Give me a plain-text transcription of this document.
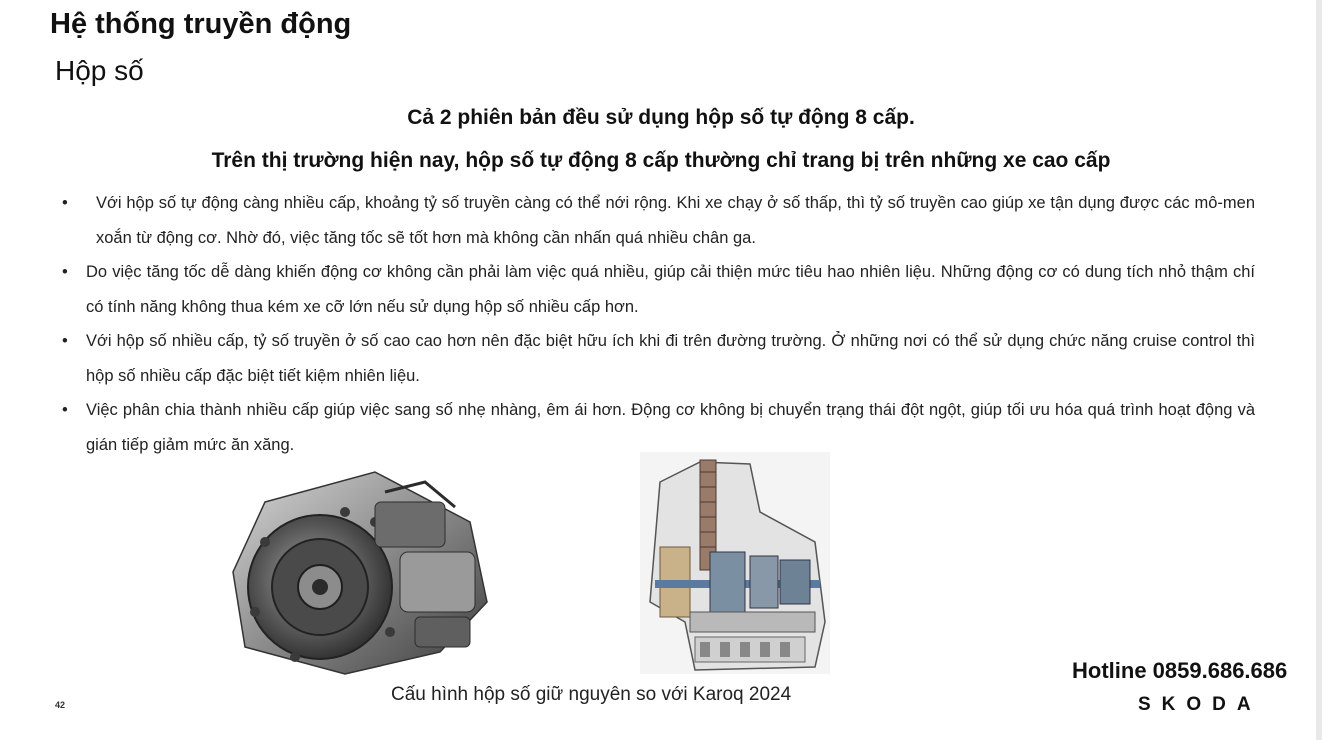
Hệ thống truyền động
Hộp số
Cả 2 phiên bản đều sử dụng hộp số tự động 8 cấp.
Trên thị trường hiện nay, hộp số tự động 8 cấp thường chỉ trang bị trên những xe cao cấp
• Với hộp số tự động càng nhiều cấp, khoảng tỷ số truyền càng có thể nới rộng. Khi xe chạy ở số thấp, thì tỷ số truyền cao giúp xe tận dụng được các mô-men xoắn từ động cơ. Nhờ đó, việc tăng tốc sẽ tốt hơn mà không cần nhấn quá nhiều chân ga.
• Do việc tăng tốc dễ dàng khiến động cơ không cần phải làm việc quá nhiều, giúp cải thiện mức tiêu hao nhiên liệu. Những động cơ có dung tích nhỏ thậm chí có tính năng không thua kém xe cỡ lớn nếu sử dụng hộp số nhiều cấp hơn.
• Với hộp số nhiều cấp, tỷ số truyền ở số cao cao hơn nên đặc biệt hữu ích khi đi trên đường trường. Ở những nơi có thể sử dụng chức năng cruise control thì hộp số nhiều cấp đặc biệt tiết kiệm nhiên liệu.
• Việc phân chia thành nhiều cấp giúp việc sang số nhẹ nhàng, êm ái hơn. Động cơ không bị chuyển trạng thái đột ngột, giúp tối ưu hóa quá trình hoạt động và gián tiếp giảm mức ăn xăng.
Cấu hình hộp số giữ nguyên so với Karoq 2024
42
Hotline 0859.686.686
SKODA
